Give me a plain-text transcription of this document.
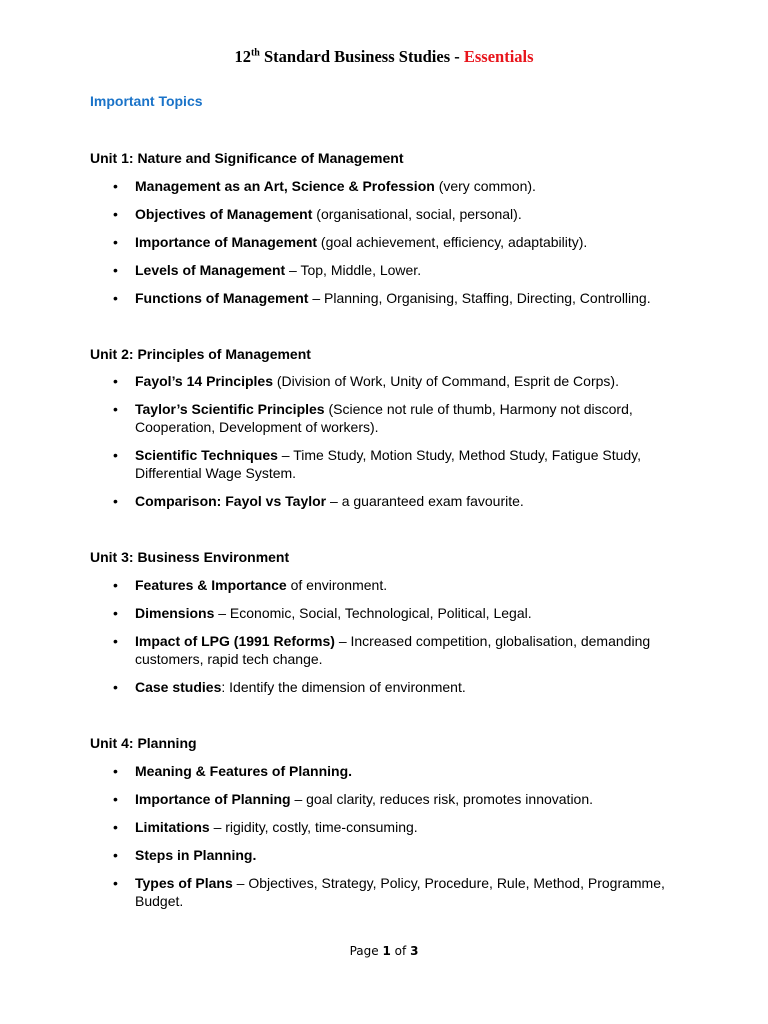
12th Standard Business Studies - Essentials
Important Topics
Unit 1: Nature and Significance of Management
• Management as an Art, Science & Profession (very common).
• Objectives of Management (organisational, social, personal).
• Importance of Management (goal achievement, efficiency, adaptability).
• Levels of Management – Top, Middle, Lower.
• Functions of Management – Planning, Organising, Staffing, Directing, Controlling.
Unit 2: Principles of Management
• Fayol’s 14 Principles (Division of Work, Unity of Command, Esprit de Corps).
• Taylor’s Scientific Principles (Science not rule of thumb, Harmony not discord, Cooperation, Development of workers).
• Scientific Techniques – Time Study, Motion Study, Method Study, Fatigue Study, Differential Wage System.
• Comparison: Fayol vs Taylor – a guaranteed exam favourite.
Unit 3: Business Environment
• Features & Importance of environment.
• Dimensions – Economic, Social, Technological, Political, Legal.
• Impact of LPG (1991 Reforms) – Increased competition, globalisation, demanding customers, rapid tech change.
• Case studies: Identify the dimension of environment.
Unit 4: Planning
• Meaning & Features of Planning.
• Importance of Planning – goal clarity, reduces risk, promotes innovation.
• Limitations – rigidity, costly, time-consuming.
• Steps in Planning.
• Types of Plans – Objectives, Strategy, Policy, Procedure, Rule, Method, Programme, Budget.
Page 1 of 3
